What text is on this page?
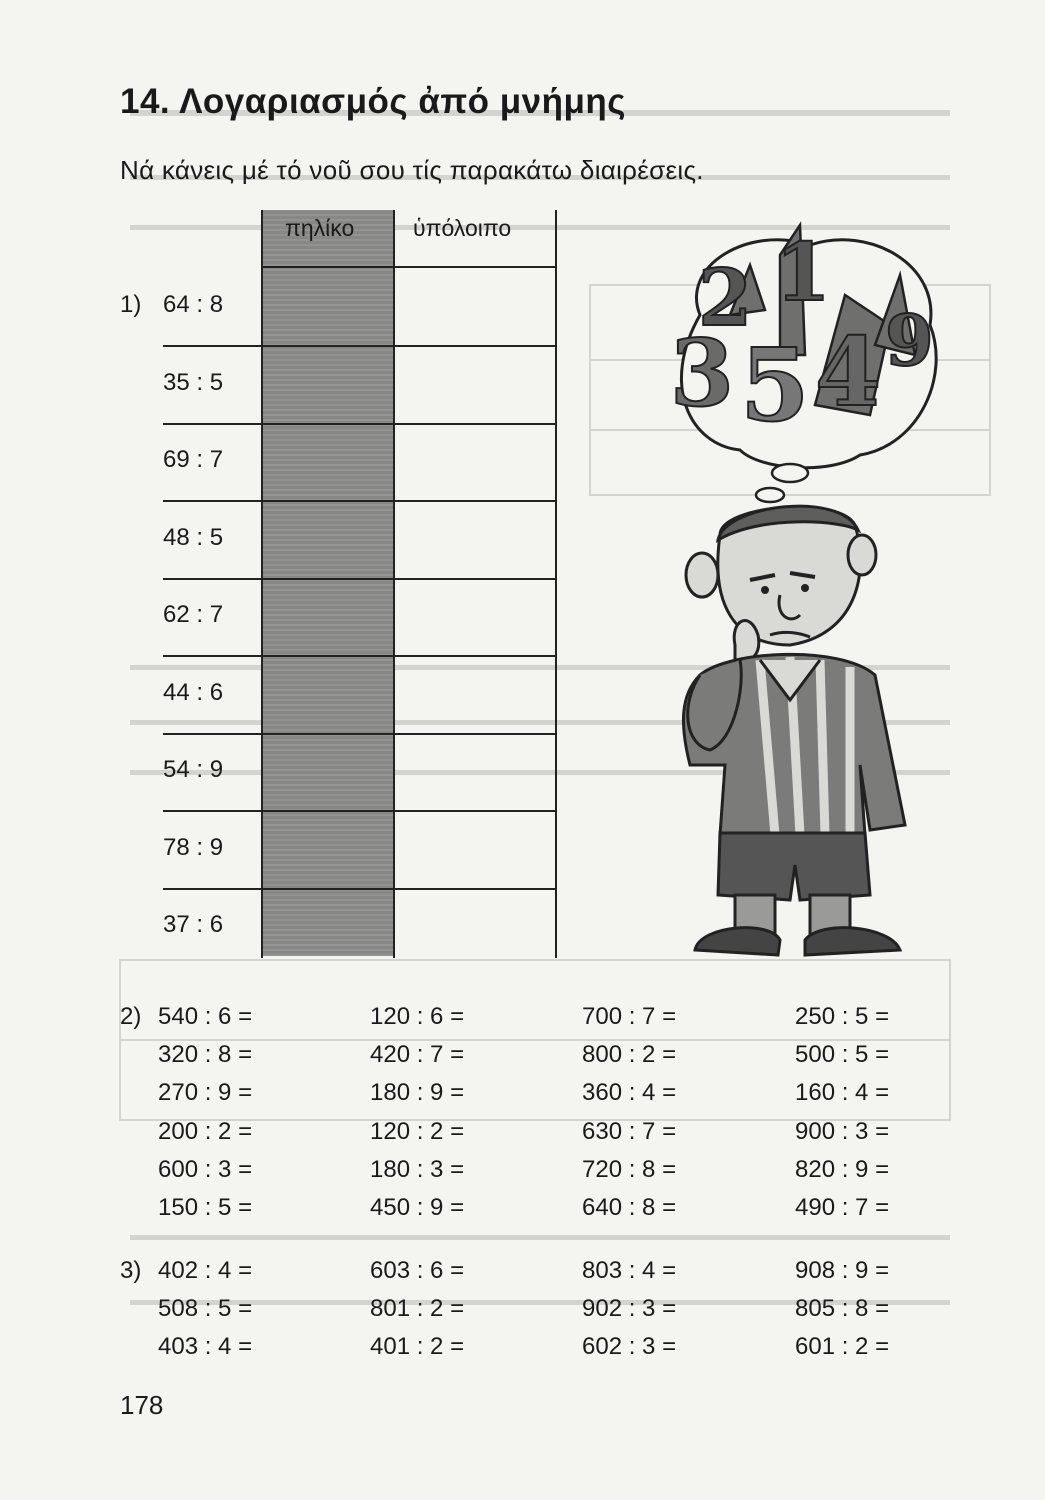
14. Λογαριασμός ἀπό μνήμης
Νά κάνεις μέ τό νοῦ σου τίς παρακάτω διαιρέσεις.
πηλίκο	ὑπόλοιπο
1) 64 : 8
35 : 5
69 : 7
48 : 5
62 : 7
44 : 6
54 : 9
78 : 9
37 : 6
2 1
3 5 4 9
2) 540 : 6 =
320 : 8 =
270 : 9 =
200 : 2 =
600 : 3 =
150 : 5 =
120 : 6 =
420 : 7 =
180 : 9 =
120 : 2 =
180 : 3 =
450 : 9 =
700 : 7 =
800 : 2 =
360 : 4 =
630 : 7 =
720 : 8 =
640 : 8 =
250 : 5 =
500 : 5 =
160 : 4 =
900 : 3 =
820 : 9 =
490 : 7 =
3) 402 : 4 =
508 : 5 =
403 : 4 =
603 : 6 =
801 : 2 =
401 : 2 =
803 : 4 =
902 : 3 =
602 : 3 =
908 : 9 =
805 : 8 =
601 : 2 =
178
